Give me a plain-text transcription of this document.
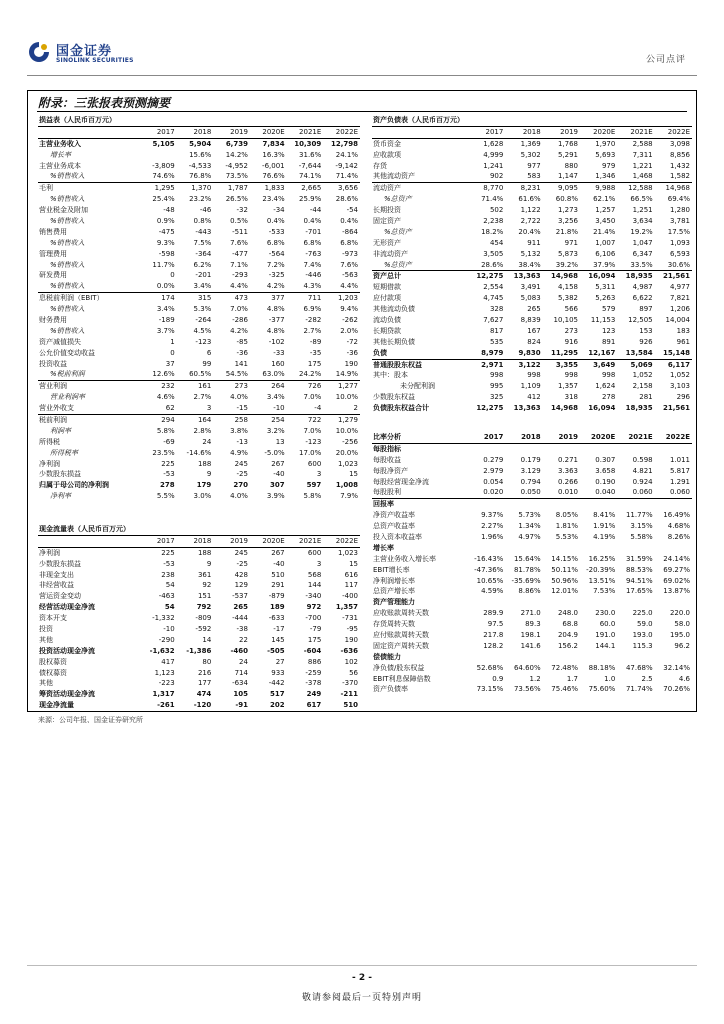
国金证券
SINOLINK SECURITIES	公司点评
附录：三张报表预测摘要
损益表（人民币百万元）						
	2017	2018	2019	2020E	2021E	2022E
主营业务收入	5,105	5,904	6,739	7,834	10,309	12,798
增长率		15.6%	14.2%	16.3%	31.6%	24.1%
主营业务成本	-3,809	-4,533	-4,952	-6,001	-7,644	-9,142
%销售收入	74.6%	76.8%	73.5%	76.6%	74.1%	71.4%
毛利	1,295	1,370	1,787	1,833	2,665	3,656
%销售收入	25.4%	23.2%	26.5%	23.4%	25.9%	28.6%
营业税金及附加	-48	-46	-32	-34	-44	-54
%销售收入	0.9%	0.8%	0.5%	0.4%	0.4%	0.4%
销售费用	-475	-443	-511	-533	-701	-864
%销售收入	9.3%	7.5%	7.6%	6.8%	6.8%	6.8%
管理费用	-598	-364	-477	-564	-763	-973
%销售收入	11.7%	6.2%	7.1%	7.2%	7.4%	7.6%
研发费用	0	-201	-293	-325	-446	-563
%销售收入	0.0%	3.4%	4.4%	4.2%	4.3%	4.4%
息税前利润（EBIT）	174	315	473	377	711	1,203
%销售收入	3.4%	5.3%	7.0%	4.8%	6.9%	9.4%
财务费用	-189	-264	-286	-377	-282	-262
%销售收入	3.7%	4.5%	4.2%	4.8%	2.7%	2.0%
资产减值损失	1	-123	-85	-102	-89	-72
公允价值变动收益	0	6	-36	-33	-35	-36
投资收益	37	99	141	160	175	190
%税前利润	12.6%	60.5%	54.5%	63.0%	24.2%	14.9%
营业利润	232	161	273	264	726	1,277
营业利润率	4.6%	2.7%	4.0%	3.4%	7.0%	10.0%
营业外收支	62	3	-15	-10	-4	2
税前利润	294	164	258	254	722	1,279
利润率	5.8%	2.8%	3.8%	3.2%	7.0%	10.0%
所得税	-69	24	-13	13	-123	-256
所得税率	23.5%	-14.6%	4.9%	-5.0%	17.0%	20.0%
净利润	225	188	245	267	600	1,023
少数股东损益	-53	9	-25	-40	3	15
归属于母公司的净利润	278	179	270	307	597	1,008
净利率	5.5%	3.0%	4.0%	3.9%	5.8%	7.9%
现金流量表（人民币百万元）						
	2017	2018	2019	2020E	2021E	2022E
净利润	225	188	245	267	600	1,023
少数股东损益	-53	9	-25	-40	3	15
非现金支出	238	361	428	510	568	616
非经营收益	54	92	129	291	144	117
营运资金变动	-463	151	-537	-879	-340	-400
经营活动现金净流	54	792	265	189	972	1,357
资本开支	-1,332	-809	-444	-633	-700	-731
投资	-10	-592	-38	-17	-79	-95
其他	-290	14	22	145	175	190
投资活动现金净流	-1,632	-1,386	-460	-505	-604	-636
股权募资	417	80	24	27	886	102
债权募资	1,123	216	714	933	-259	56
其他	-223	177	-634	-442	-378	-370
筹资活动现金净流	1,317	474	105	517	249	-211
现金净流量	-261	-120	-91	202	617	510
资产负债表（人民币百万元）						
	2017	2018	2019	2020E	2021E	2022E
货币资金	1,628	1,369	1,768	1,970	2,588	3,098
应收款项	4,999	5,302	5,291	5,693	7,311	8,856
存货	1,241	977	880	979	1,221	1,432
其他流动资产	902	583	1,147	1,346	1,468	1,582
流动资产	8,770	8,231	9,095	9,988	12,588	14,968
%总资产	71.4%	61.6%	60.8%	62.1%	66.5%	69.4%
长期投资	502	1,122	1,273	1,257	1,251	1,280
固定资产	2,238	2,722	3,256	3,450	3,634	3,781
%总资产	18.2%	20.4%	21.8%	21.4%	19.2%	17.5%
无形资产	454	911	971	1,007	1,047	1,093
非流动资产	3,505	5,132	5,873	6,106	6,347	6,593
%总资产	28.6%	38.4%	39.2%	37.9%	33.5%	30.6%
资产总计	12,275	13,363	14,968	16,094	18,935	21,561
短期借款	2,554	3,491	4,158	5,311	4,987	4,977
应付款项	4,745	5,083	5,382	5,263	6,622	7,821
其他流动负债	328	265	566	579	897	1,206
流动负债	7,627	8,839	10,105	11,153	12,505	14,004
长期贷款	817	167	273	123	153	183
其他长期负债	535	824	916	891	926	961
负债	8,979	9,830	11,295	12,167	13,584	15,148
普通股股东权益	2,971	3,122	3,355	3,649	5,069	6,117
其中：股本	998	998	998	998	1,052	1,052
未分配利润	995	1,109	1,357	1,624	2,158	3,103
少数股东权益	325	412	318	278	281	296
负债股东权益合计	12,275	13,363	14,968	16,094	18,935	21,561
比率分析	2017	2018	2019	2020E	2021E	2022E
每股指标						
每股收益	0.279	0.179	0.271	0.307	0.598	1.011
每股净资产	2.979	3.129	3.363	3.658	4.821	5.817
每股经营现金净流	0.054	0.794	0.266	0.190	0.924	1.291
每股股利	0.020	0.050	0.010	0.040	0.060	0.060
回报率						
净资产收益率	9.37%	5.73%	8.05%	8.41%	11.77%	16.49%
总资产收益率	2.27%	1.34%	1.81%	1.91%	3.15%	4.68%
投入资本收益率	1.96%	4.97%	5.53%	4.19%	5.58%	8.26%
增长率						
主营业务收入增长率	-16.43%	15.64%	14.15%	16.25%	31.59%	24.14%
EBIT增长率	-47.36%	81.78%	50.11%	-20.39%	88.53%	69.27%
净利润增长率	10.65%	-35.69%	50.96%	13.51%	94.51%	69.02%
总资产增长率	4.59%	8.86%	12.01%	7.53%	17.65%	13.87%
资产管理能力						
应收账款周转天数	289.9	271.0	248.0	230.0	225.0	220.0
存货周转天数	97.5	89.3	68.8	60.0	59.0	58.0
应付账款周转天数	217.8	198.1	204.9	191.0	193.0	195.0
固定资产周转天数	128.2	141.6	156.2	144.1	115.3	96.2
偿债能力						
净负债/股东权益	52.68%	64.60%	72.48%	88.18%	47.68%	32.14%
EBIT利息保障倍数	0.9	1.2	1.7	1.0	2.5	4.6
资产负债率	73.15%	73.56%	75.46%	75.60%	71.74%	70.26%
来源：公司年报、国金证券研究所
- 2 -
敬请参阅最后一页特别声明
